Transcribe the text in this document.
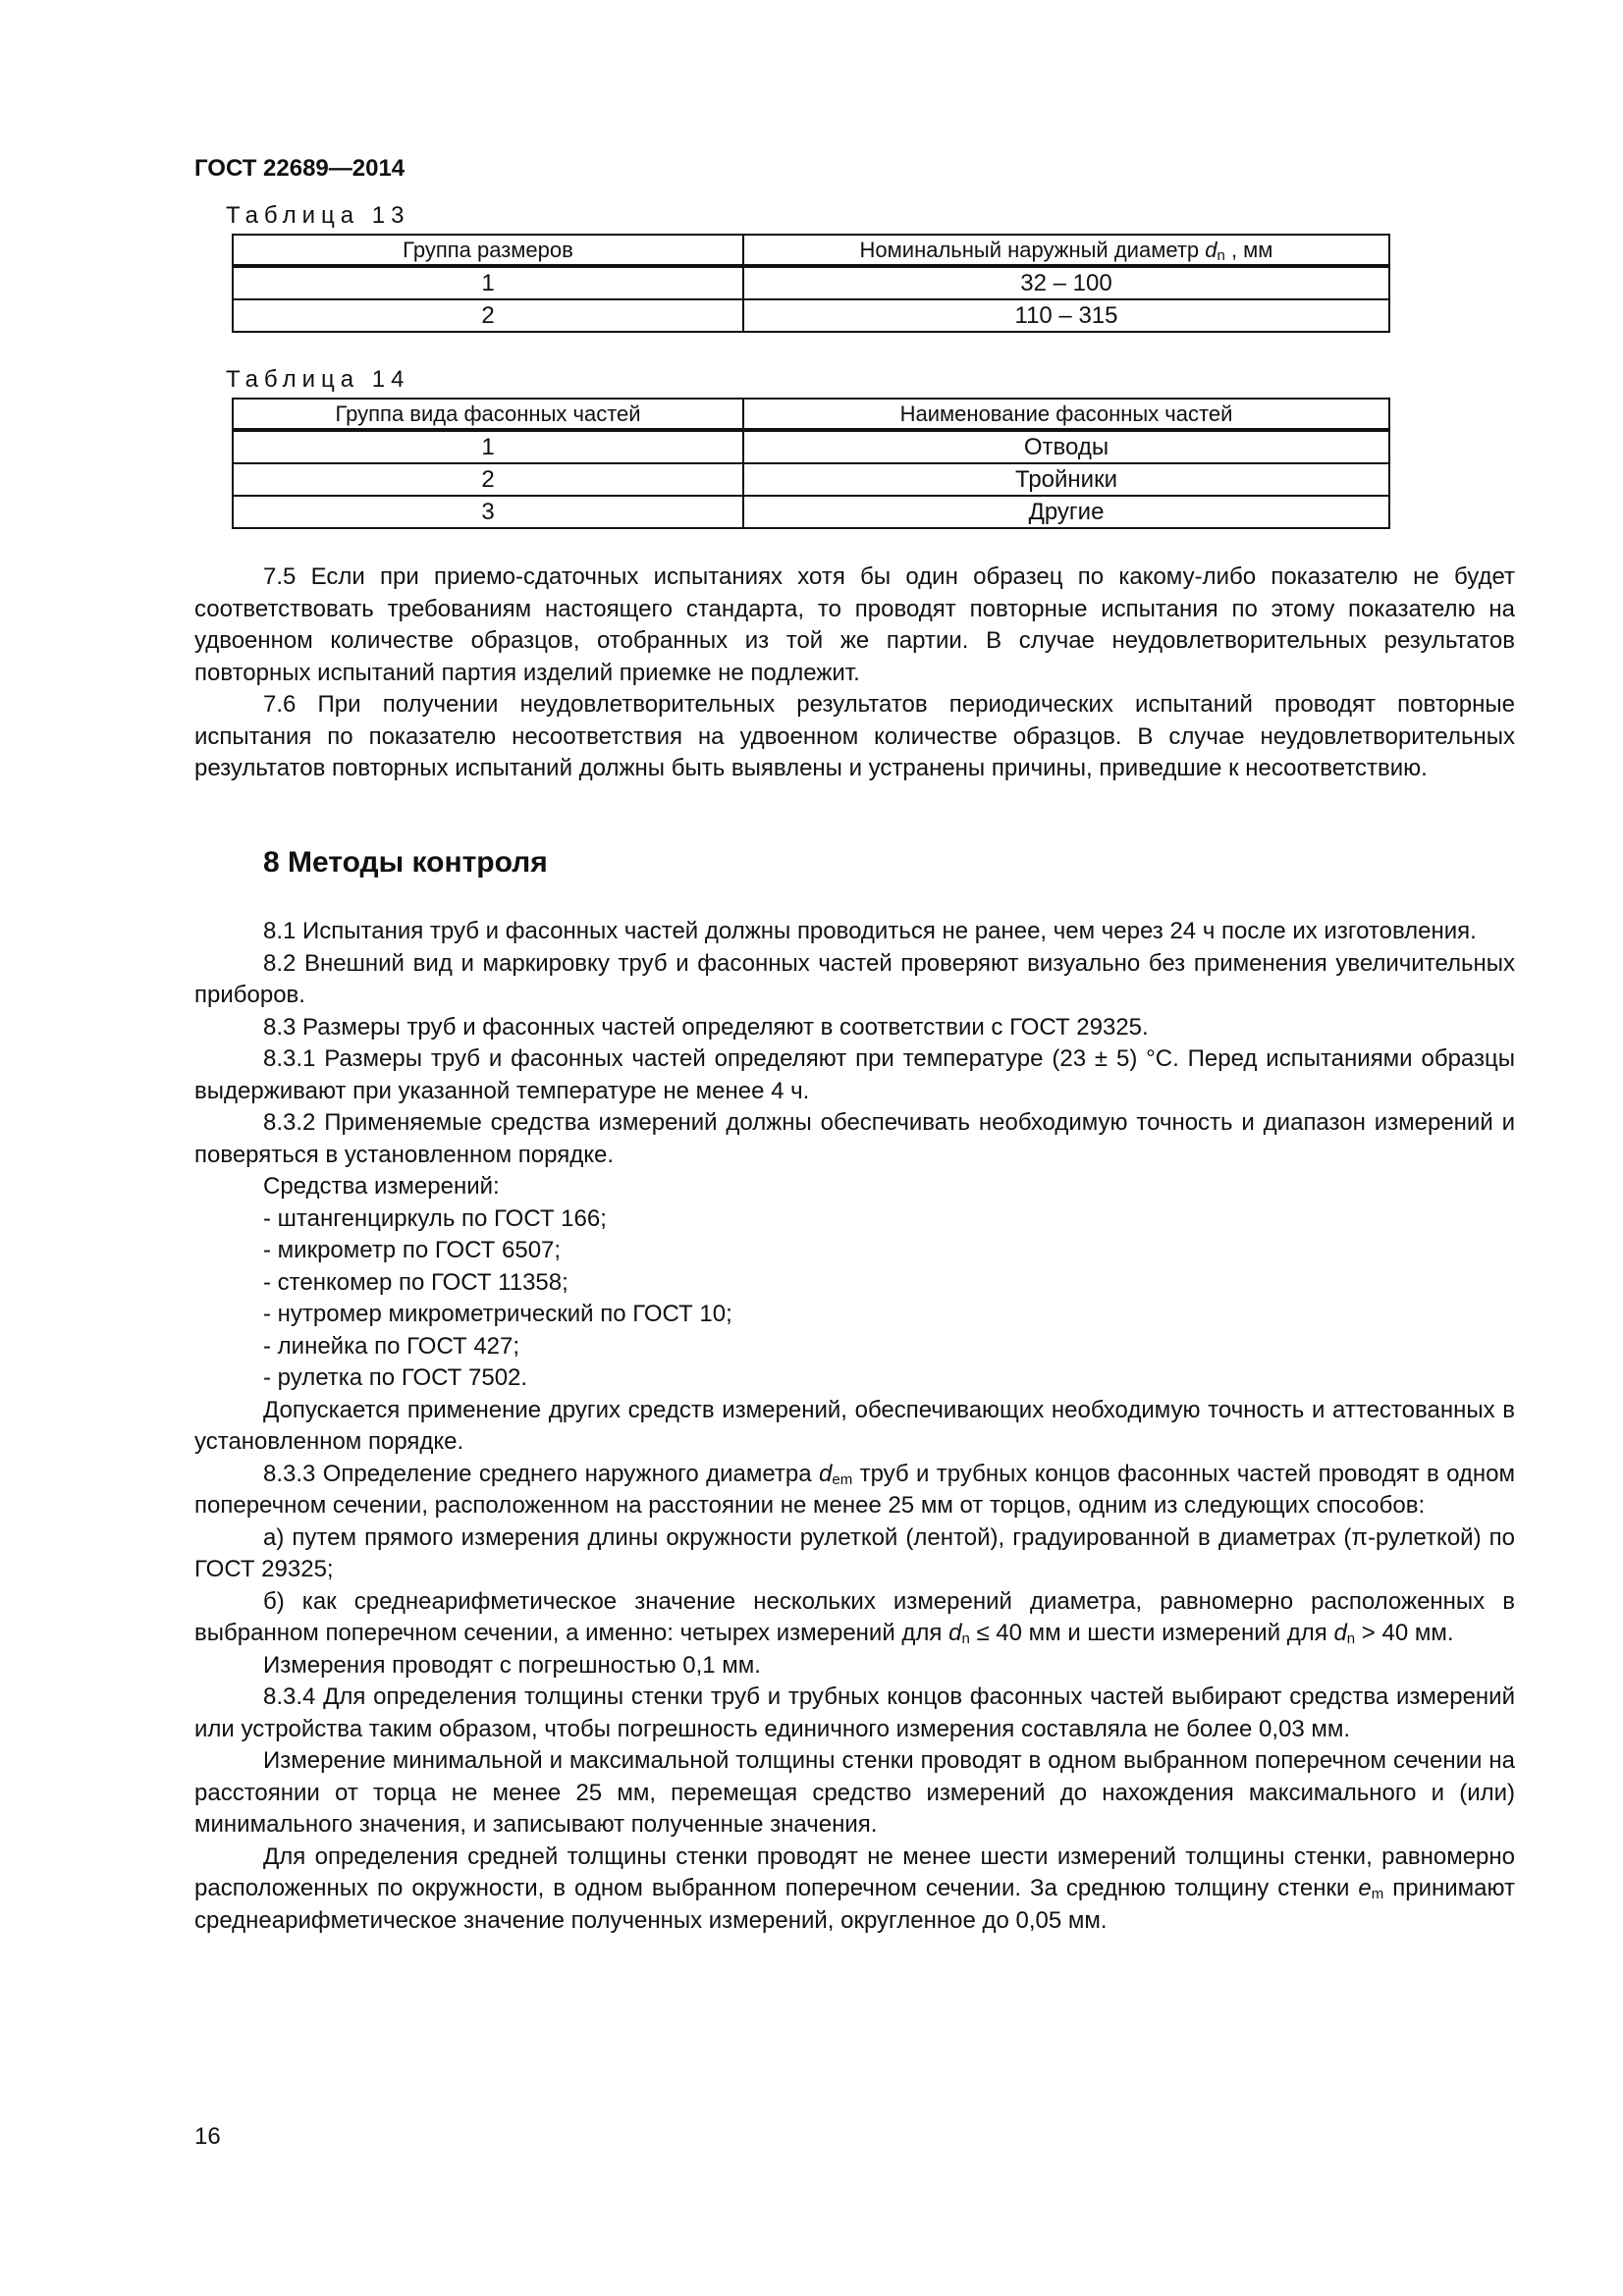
ГОСТ 22689—2014
Таблица 13
Группа размеров	Номинальный наружный диаметр $d_n$ , мм
1	32 – 100
2	110 – 315
Таблица 14
Группа вида фасонных частей	Наименование фасонных частей
1	Отводы
2	Тройники
3	Другие

7.5 Если при приемо-сдаточных испытаниях хотя бы один образец по какому-либо показателю не будет соответствовать требованиям настоящего стандарта, то проводят повторные испытания по этому показателю на удвоенном количестве образцов, отобранных из той же партии. В случае неудовлетворительных результатов повторных испытаний партия изделий приемке не подлежит.

7.6 При получении неудовлетворительных результатов периодических испытаний проводят повторные испытания по показателю несоответствия на удвоенном количестве образцов. В случае неудовлетворительных результатов повторных испытаний должны быть выявлены и устранены причины, приведшие к несоответствию.

8 Методы контроля

8.1 Испытания труб и фасонных частей должны проводиться не ранее, чем через 24 ч после их изготовления.

8.2 Внешний вид и маркировку труб и фасонных частей проверяют визуально без применения увеличительных приборов.

8.3 Размеры труб и фасонных частей определяют в соответствии с ГОСТ 29325.

8.3.1 Размеры труб и фасонных частей определяют при температуре (23 ± 5) °С. Перед испытаниями образцы выдерживают при указанной температуре не менее 4 ч.

8.3.2 Применяемые средства измерений должны обеспечивать необходимую точность и диапазон измерений и поверяться в установленном порядке.

Средства измерений:

- штангенциркуль по ГОСТ 166;

- микрометр по ГОСТ 6507;

- стенкомер по ГОСТ 11358;

- нутромер микрометрический по ГОСТ 10;

- линейка по ГОСТ 427;

- рулетка по ГОСТ 7502.

Допускается применение других средств измерений, обеспечивающих необходимую точность и аттестованных в установленном порядке.

8.3.3 Определение среднего наружного диаметра $d_{em}$ труб и трубных концов фасонных частей проводят в одном поперечном сечении, расположенном на расстоянии не менее 25 мм от торцов, одним из следующих способов:

а) путем прямого измерения длины окружности рулеткой (лентой), градуированной в диаметрах (π-рулеткой) по ГОСТ 29325;

б) как среднеарифметическое значение нескольких измерений диаметра, равномерно расположенных в выбранном поперечном сечении, а именно: четырех измерений для $d_n \le 40$ мм и шести измерений для $d_n > 40$ мм.

Измерения проводят с погрешностью 0,1 мм.

8.3.4 Для определения толщины стенки труб и трубных концов фасонных частей выбирают средства измерений или устройства таким образом, чтобы погрешность единичного измерения составляла не более 0,03 мм.

Измерение минимальной и максимальной толщины стенки проводят в одном выбранном поперечном сечении на расстоянии от торца не менее 25 мм, перемещая средство измерений до нахождения максимального и (или) минимального значения, и записывают полученные значения.

Для определения средней толщины стенки проводят не менее шести измерений толщины стенки, равномерно расположенных по окружности, в одном выбранном поперечном сечении. За среднюю толщину стенки $e_m$ принимают среднеарифметическое значение полученных измерений, округленное до 0,05 мм.

16
